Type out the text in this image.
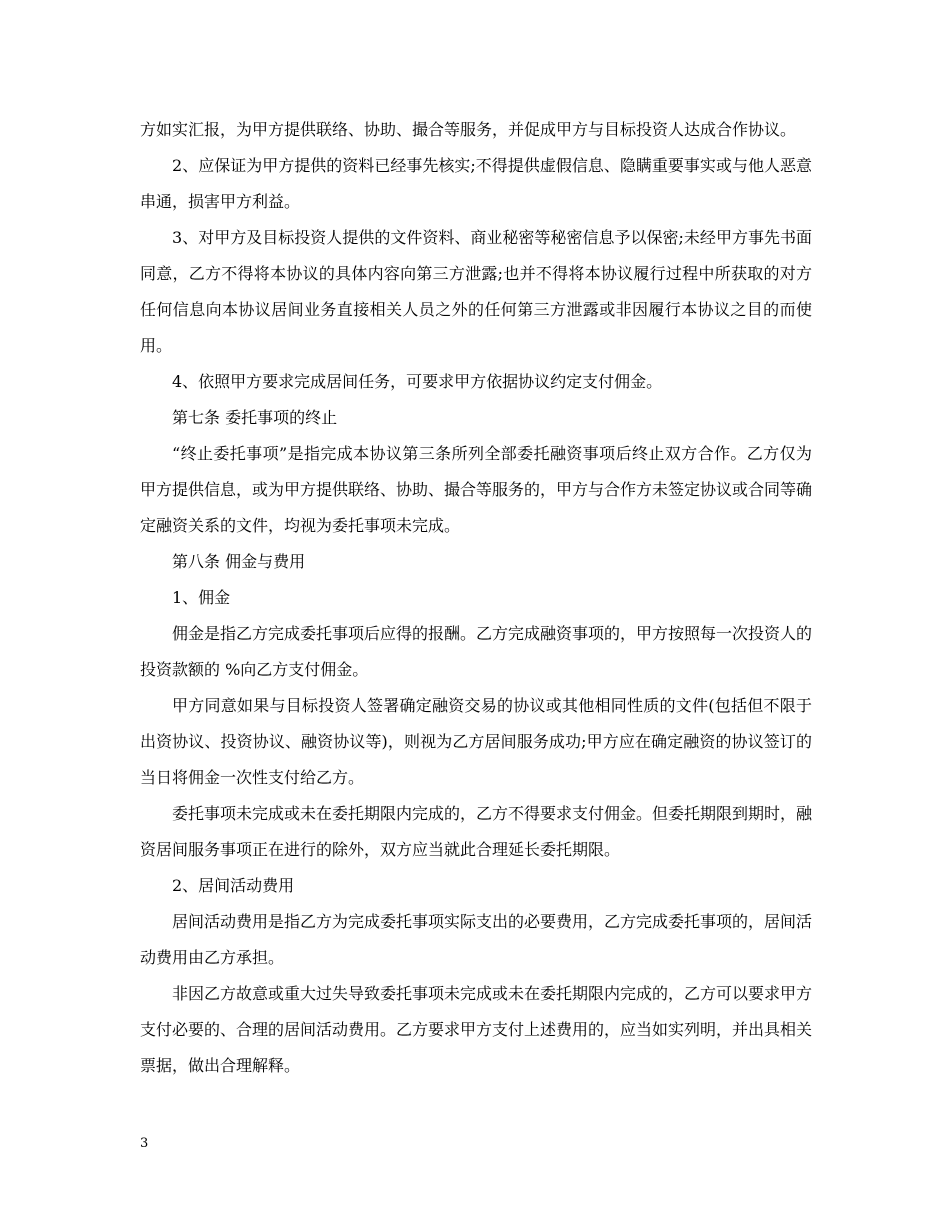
方如实汇报，为甲方提供联络、协助、撮合等服务，并促成甲方与目标投资人达成合作协议。

2、应保证为甲方提供的资料已经事先核实;不得提供虚假信息、隐瞒重要事实或与他人恶意串通，损害甲方利益。

3、对甲方及目标投资人提供的文件资料、商业秘密等秘密信息予以保密;未经甲方事先书面同意，乙方不得将本协议的具体内容向第三方泄露;也并不得将本协议履行过程中所获取的对方任何信息向本协议居间业务直接相关人员之外的任何第三方泄露或非因履行本协议之目的而使用。

4、依照甲方要求完成居间任务，可要求甲方依据协议约定支付佣金。

第七条 委托事项的终止

“终止委托事项”是指完成本协议第三条所列全部委托融资事项后终止双方合作。乙方仅为甲方提供信息，或为甲方提供联络、协助、撮合等服务的，甲方与合作方未签定协议或合同等确定融资关系的文件，均视为委托事项未完成。

第八条 佣金与费用

1、佣金

佣金是指乙方完成委托事项后应得的报酬。乙方完成融资事项的，甲方按照每一次投资人的投资款额的 %向乙方支付佣金。

甲方同意如果与目标投资人签署确定融资交易的协议或其他相同性质的文件(包括但不限于出资协议、投资协议、融资协议等)，则视为乙方居间服务成功;甲方应在确定融资的协议签订的当日将佣金一次性支付给乙方。

委托事项未完成或未在委托期限内完成的，乙方不得要求支付佣金。但委托期限到期时，融资居间服务事项正在进行的除外，双方应当就此合理延长委托期限。

2、居间活动费用

居间活动费用是指乙方为完成委托事项实际支出的必要费用，乙方完成委托事项的，居间活动费用由乙方承担。

非因乙方故意或重大过失导致委托事项未完成或未在委托期限内完成的，乙方可以要求甲方支付必要的、合理的居间活动费用。乙方要求甲方支付上述费用的，应当如实列明，并出具相关票据，做出合理解释。

3
